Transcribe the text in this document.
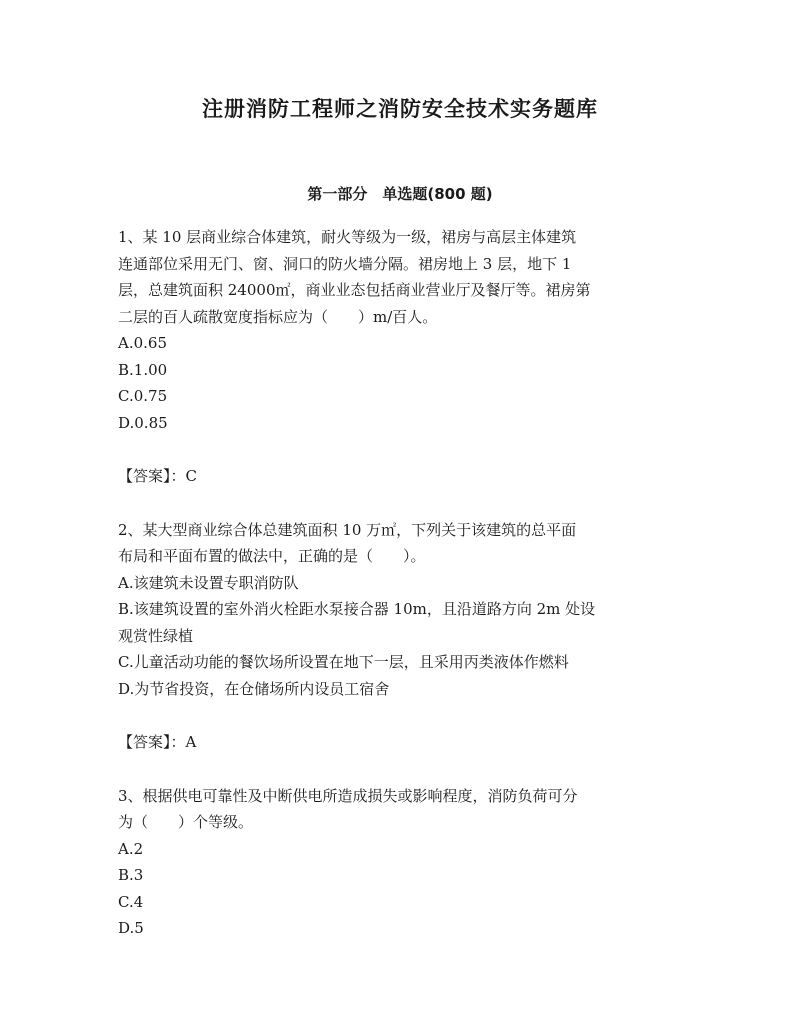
注册消防工程师之消防安全技术实务题库
第一部分　单选题(800 题)

1、某 10 层商业综合体建筑，耐火等级为一级，裙房与高层主体建筑

连通部位采用无门、窗、洞口的防火墙分隔。裙房地上 3 层，地下 1

层，总建筑面积 24000㎡，商业业态包括商业营业厅及餐厅等。裙房第

二层的百人疏散宽度指标应为（　　）m/百人。

A.0.65

B.1.00

C.0.75

D.0.85

【答案】：C

2、某大型商业综合体总建筑面积 10 万㎡，下列关于该建筑的总平面

布局和平面布置的做法中，正确的是（　　）。

A.该建筑未设置专职消防队

B.该建筑设置的室外消火栓距水泵接合器 10m，且沿道路方向 2m 处设

观赏性绿植

C.儿童活动功能的餐饮场所设置在地下一层，且采用丙类液体作燃料

D.为节省投资，在仓储场所内设员工宿舍

【答案】：A

3、根据供电可靠性及中断供电所造成损失或影响程度，消防负荷可分

为（　　）个等级。

A.2

B.3

C.4

D.5
